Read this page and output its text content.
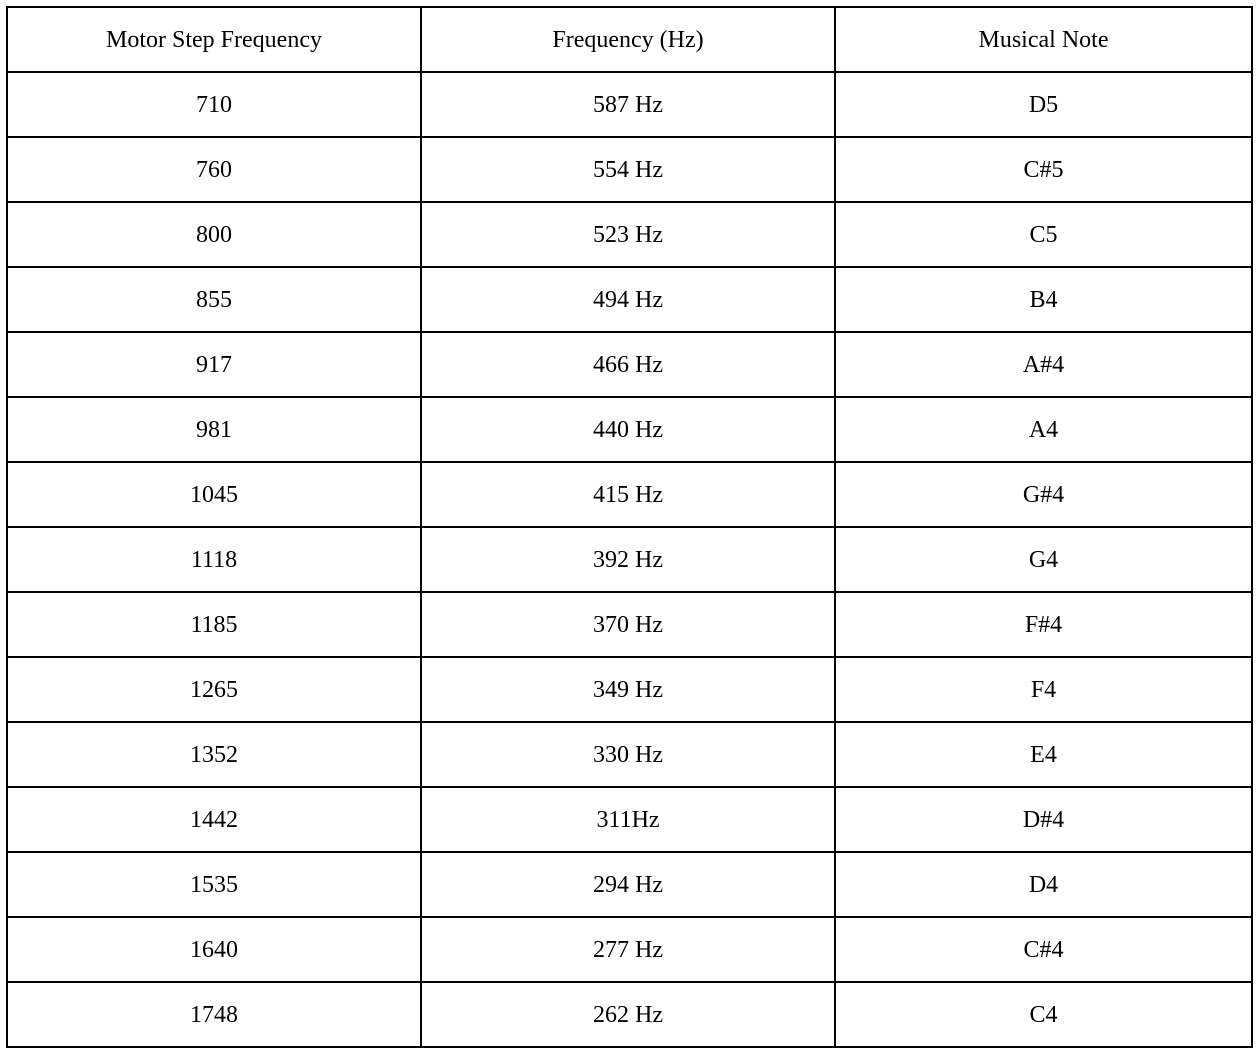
Motor Step Frequency	Frequency (Hz)	Musical Note
710	587 Hz	D5
760	554 Hz	C#5
800	523 Hz	C5
855	494 Hz	B4
917	466 Hz	A#4
981	440 Hz	A4
1045	415 Hz	G#4
1118	392 Hz	G4
1185	370 Hz	F#4
1265	349 Hz	F4
1352	330 Hz	E4
1442	311Hz	D#4
1535	294 Hz	D4
1640	277 Hz	C#4
1748	262 Hz	C4
